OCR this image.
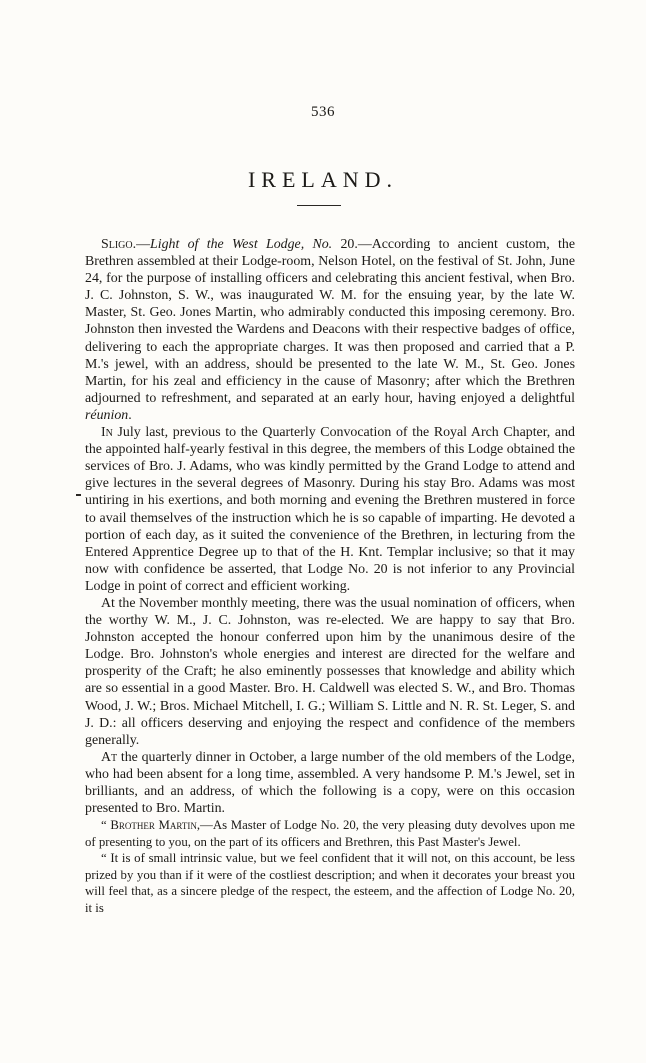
536
IRELAND.

Sligo.—Light of the West Lodge, No. 20.—According to ancient custom, the Brethren assembled at their Lodge-room, Nelson Hotel, on the festival of St. John, June 24, for the purpose of installing officers and celebrating this ancient festival, when Bro. J. C. Johnston, S. W., was inaugurated W. M. for the ensuing year, by the late W. Master, St. Geo. Jones Martin, who admirably conducted this imposing ceremony. Bro. Johnston then invested the Wardens and Deacons with their respective badges of office, delivering to each the appropriate charges. It was then proposed and carried that a P. M.'s jewel, with an address, should be presented to the late W. M., St. Geo. Jones Martin, for his zeal and efficiency in the cause of Masonry; after which the Brethren adjourned to refreshment, and separated at an early hour, having enjoyed a delightful réunion.

In July last, previous to the Quarterly Convocation of the Royal Arch Chapter, and the appointed half-yearly festival in this degree, the members of this Lodge obtained the services of Bro. J. Adams, who was kindly permitted by the Grand Lodge to attend and give lectures in the several degrees of Masonry. During his stay Bro. Adams was most untiring in his exertions, and both morning and evening the Brethren mustered in force to avail themselves of the instruction which he is so capable of imparting. He devoted a portion of each day, as it suited the convenience of the Brethren, in lecturing from the Entered Apprentice Degree up to that of the H. Knt. Templar inclusive; so that it may now with confidence be asserted, that Lodge No. 20 is not inferior to any Provincial Lodge in point of correct and efficient working.

At the November monthly meeting, there was the usual nomination of officers, when the worthy W. M., J. C. Johnston, was re-elected. We are happy to say that Bro. Johnston accepted the honour conferred upon him by the unanimous desire of the Lodge. Bro. Johnston's whole energies and interest are directed for the welfare and prosperity of the Craft; he also eminently possesses that knowledge and ability which are so essential in a good Master. Bro. H. Caldwell was elected S. W., and Bro. Thomas Wood, J. W.; Bros. Michael Mitchell, I. G.; William S. Little and N. R. St. Leger, S. and J. D.: all officers deserving and enjoying the respect and confidence of the members generally.

At the quarterly dinner in October, a large number of the old members of the Lodge, who had been absent for a long time, assembled. A very handsome P. M.'s Jewel, set in brilliants, and an address, of which the following is a copy, were on this occasion presented to Bro. Martin.

“ Brother Martin,—As Master of Lodge No. 20, the very pleasing duty devolves upon me of presenting to you, on the part of its officers and Brethren, this Past Master's Jewel.

“ It is of small intrinsic value, but we feel confident that it will not, on this account, be less prized by you than if it were of the costliest description; and when it decorates your breast you will feel that, as a sincere pledge of the respect, the esteem, and the affection of Lodge No. 20, it is
